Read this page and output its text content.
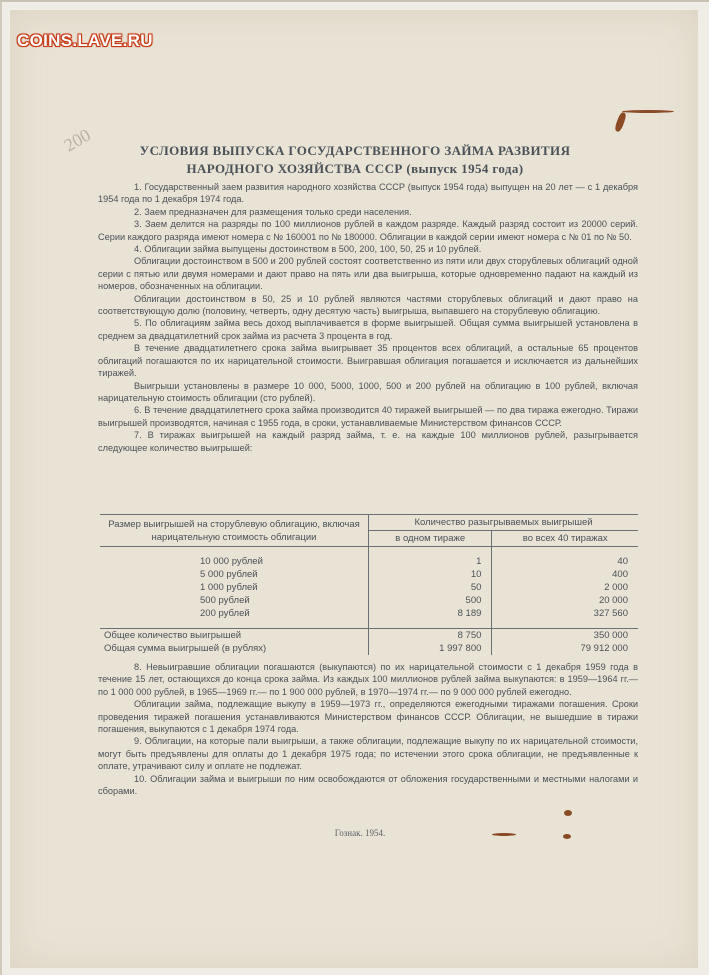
COINS.LAVE.RU
200	УСЛОВИЯ ВЫПУСКА ГОСУДАРСТВЕННОГО ЗАЙМА РАЗВИТИЯ
НАРОДНОГО ХОЗЯЙСТВА СССР (выпуск 1954 года)

1. Государственный заем развития народного хозяйства СССР (выпуск 1954 года) выпущен на 20 лет — с 1 декабря 1954 года по 1 декабря 1974 года.

2. Заем предназначен для размещения только среди населения.

3. Заем делится на разряды по 100 миллионов рублей в каждом разряде. Каждый разряд состоит из 20000 серий. Серии каждого разряда имеют номера с № 160001 по № 180000. Облигации в каждой серии имеют номера с № 01 по № 50.

4. Облигации займа выпущены достоинством в 500, 200, 100, 50, 25 и 10 рублей.

Облигации достоинством в 500 и 200 рублей состоят соответственно из пяти или двух сторублевых облигаций одной серии с пятью или двумя номерами и дают право на пять или два выигрыша, которые одновременно падают на каждый из номеров, обозначенных на облигации.

Облигации достоинством в 50, 25 и 10 рублей являются частями сторублевых облигаций и дают право на соответствующую долю (половину, четверть, одну десятую часть) выигрыша, выпавшего на сторублевую облигацию.

5. По облигациям займа весь доход выплачивается в форме выигрышей. Общая сумма выигрышей установлена в среднем за двадцатилетний срок займа из расчета 3 процента в год.

В течение двадцатилетнего срока займа выигрывает 35 процентов всех облигаций, а остальные 65 процентов облигаций погашаются по их нарицательной стоимости. Выигравшая облигация погашается и исключается из дальнейших тиражей.

Выигрыши установлены в размере 10 000, 5000, 1000, 500 и 200 рублей на облигацию в 100 рублей, включая нарицательную стоимость облигации (сто рублей).

6. В течение двадцатилетнего срока займа производится 40 тиражей выигрышей — по два тиража ежегодно. Тиражи выигрышей производятся, начиная с 1955 года, в сроки, устанавливаемые Министерством финансов СССР.

7. В тиражах выигрышей на каждый разряд займа, т. е. на каждые 100 миллионов рублей, разыгрывается следующее количество выигрышей:

Размер выигрышей на сторублевую облигацию, включая нарицательную стоимость облигации	Количество разыгрываемых выигрышей	
	в одном тираже	во всех 40 тиражах

10 000 рублей	1	40
5 000 рублей	10	400
1 000 рублей	50	2 000
500 рублей	500	20 000
200 рублей	8 189	327 560

Общее количество выигрышей	8 750	350 000
Общая сумма выигрышей (в рублях)	1 997 800	79 912 000

8. Невыигравшие облигации погашаются (выкупаются) по их нарицательной стоимости с 1 декабря 1959 года в течение 15 лет, остающихся до конца срока займа. Из каждых 100 миллионов рублей займа выкупаются: в 1959—1964 гг.— по 1 000 000 рублей, в 1965—1969 гг.— по 1 900 000 рублей, в 1970—1974 гг.— по 9 000 000 рублей ежегодно.

Облигации займа, подлежащие выкупу в 1959—1973 гг., определяются ежегодными тиражами погашения. Сроки проведения тиражей погашения устанавливаются Министерством финансов СССР. Облигации, не вышедшие в тиражи погашения, выкупаются с 1 декабря 1974 года.

9. Облигации, на которые пали выигрыши, а также облигации, подлежащие выкупу по их нарицательной стоимости, могут быть предъявлены для оплаты до 1 декабря 1975 года; по истечении этого срока облигации, не предъявленные к оплате, утрачивают силу и оплате не подлежат.

10. Облигации займа и выигрыши по ним освобождаются от обложения государственными и местными налогами и сборами.

Гознак. 1954.
